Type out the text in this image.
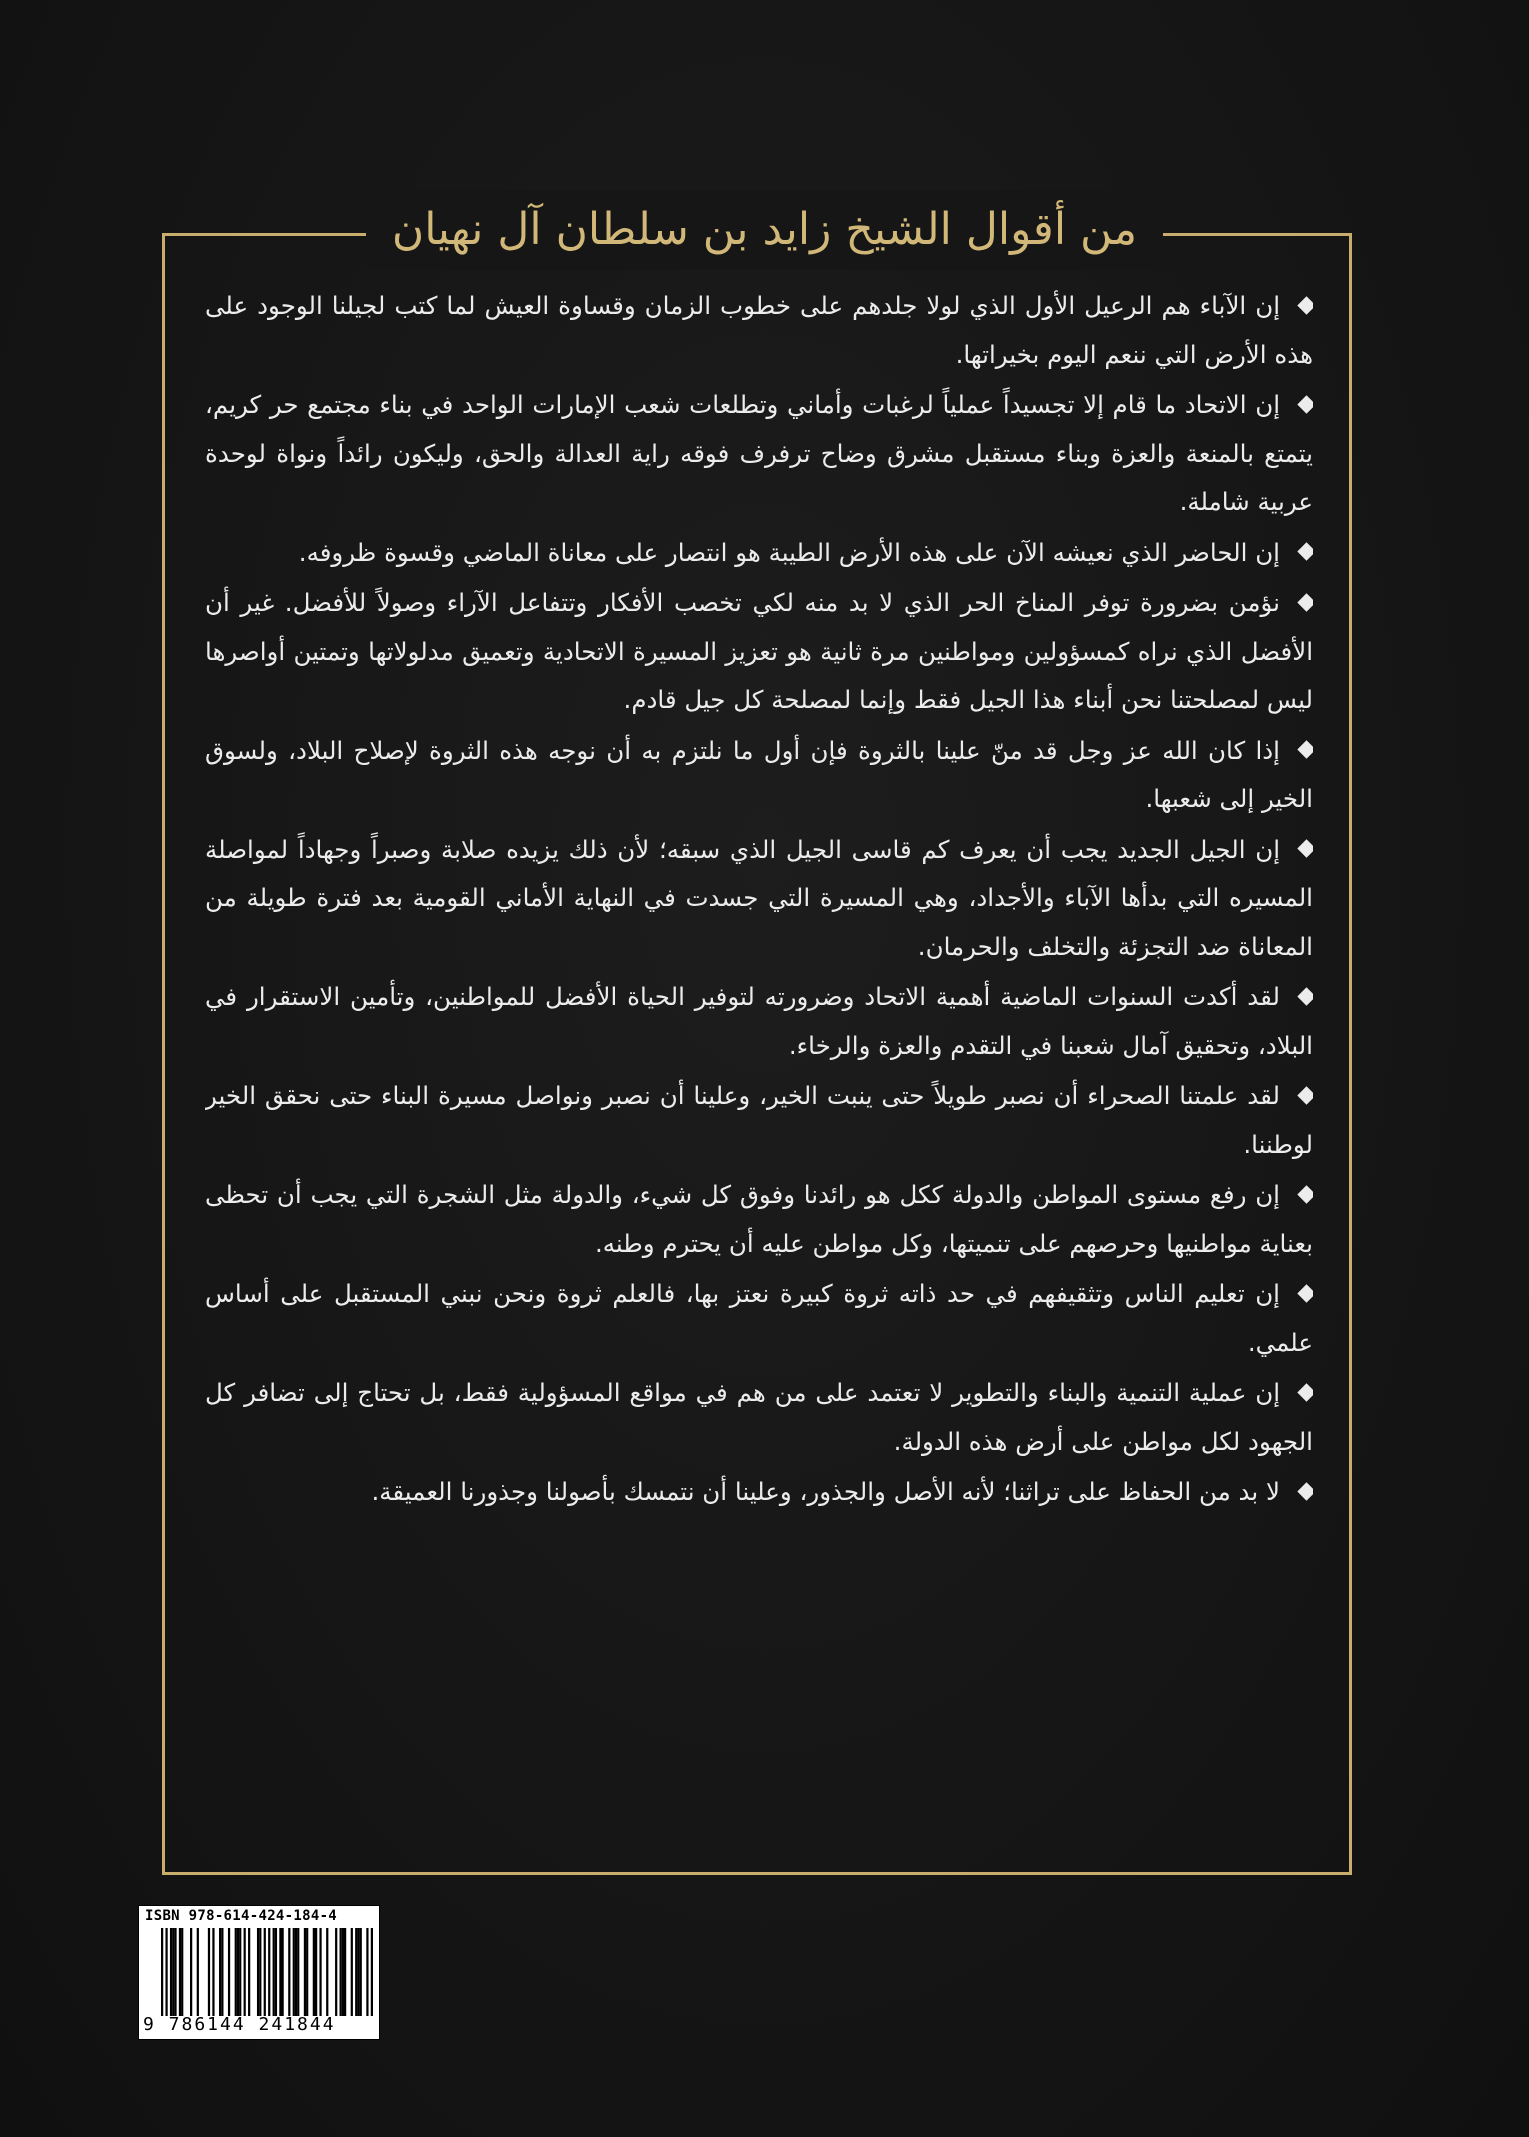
من أقوال الشيخ زايد بن سلطان آل نهيان

إن الآباء هم الرعيل الأول الذي لولا جلدهم على خطوب الزمان وقساوة العيش لما كتب لجيلنا الوجود على هذه الأرض التي ننعم اليوم بخيراتها.

إن الاتحاد ما قام إلا تجسيداً عملياً لرغبات وأماني وتطلعات شعب الإمارات الواحد في بناء مجتمع حر كريم، يتمتع بالمنعة والعزة وبناء مستقبل مشرق وضاح ترفرف فوقه راية العدالة والحق، وليكون رائداً ونواة لوحدة عربية شاملة.

إن الحاضر الذي نعيشه الآن على هذه الأرض الطيبة هو انتصار على معاناة الماضي وقسوة ظروفه.

نؤمن بضرورة توفر المناخ الحر الذي لا بد منه لكي تخصب الأفكار وتتفاعل الآراء وصولاً للأفضل. غير أن الأفضل الذي نراه كمسؤولين ومواطنين مرة ثانية هو تعزيز المسيرة الاتحادية وتعميق مدلولاتها وتمتين أواصرها ليس لمصلحتنا نحن أبناء هذا الجيل فقط وإنما لمصلحة كل جيل قادم.

إذا كان الله عز وجل قد منّ علينا بالثروة فإن أول ما نلتزم به أن نوجه هذه الثروة لإصلاح البلاد، ولسوق الخير إلى شعبها.

إن الجيل الجديد يجب أن يعرف كم قاسى الجيل الذي سبقه؛ لأن ذلك يزيده صلابة وصبراً وجهاداً لمواصلة المسيره التي بدأها الآباء والأجداد، وهي المسيرة التي جسدت في النهاية الأماني القومية بعد فترة طويلة من المعاناة ضد التجزئة والتخلف والحرمان.

لقد أكدت السنوات الماضية أهمية الاتحاد وضرورته لتوفير الحياة الأفضل للمواطنين، وتأمين الاستقرار في البلاد، وتحقيق آمال شعبنا في التقدم والعزة والرخاء.

لقد علمتنا الصحراء أن نصبر طويلاً حتى ينبت الخير، وعلينا أن نصبر ونواصل مسيرة البناء حتى نحقق الخير لوطننا.

إن رفع مستوى المواطن والدولة ككل هو رائدنا وفوق كل شيء، والدولة مثل الشجرة التي يجب أن تحظى بعناية مواطنيها وحرصهم على تنميتها، وكل مواطن عليه أن يحترم وطنه.

إن تعليم الناس وتثقيفهم في حد ذاته ثروة كبيرة نعتز بها، فالعلم ثروة ونحن نبني المستقبل على أساس علمي.

إن عملية التنمية والبناء والتطوير لا تعتمد على من هم في مواقع المسؤولية فقط، بل تحتاج إلى تضافر كل الجهود لكل مواطن على أرض هذه الدولة.

لا بد من الحفاظ على تراثنا؛ لأنه الأصل والجذور، وعلينا أن نتمسك بأصولنا وجذورنا العميقة.

ISBN 978-614-424-184-4
9 786144 241844
